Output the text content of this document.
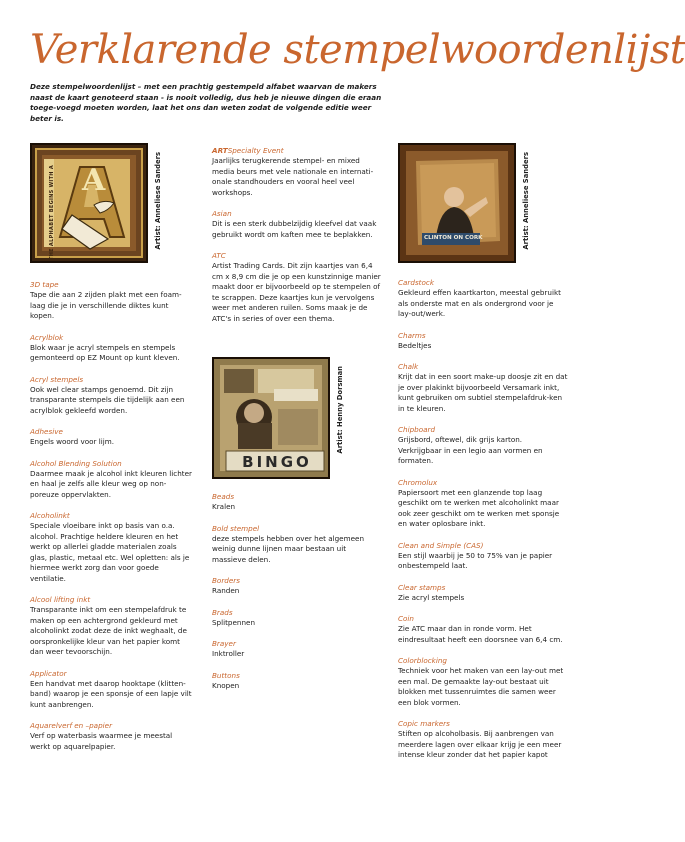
Verklarende stempelwoordenlijst
Deze stempelwoordenlijst – met een prachtig gestempeld alfabet waarvan de makers naast de kaart genoteerd staan - is nooit volledig, dus heb je nieuwe dingen die eraan toege-voegd moeten worden, laat het ons dan weten zodat de volgende editie weer beter is.
THE ALPHABET BEGINS WITH A A	Artist: Anneliese Sanders
BINGO
Artist: Henny Dorsman
CLINTON ON CORK	Artist: Anneliese Sanders
3D tape
Tape die aan 2 zijden plakt met een foam-laag die je in verschillende diktes kunt kopen.
Acrylblok
Blok waar je acryl stempels en stempels gemonteerd op EZ Mount op kunt kleven.
Acryl stempels
Ook wel clear stamps genoemd. Dit zijn transparante stempels die tijdelijk aan een acrylblok gekleefd worden.
Adhesive
Engels woord voor lijm.
Alcohol Blending Solution
Daarmee maak je alcohol inkt kleuren lichter en haal je zelfs alle kleur weg op non-poreuze oppervlakten.
Alcoholinkt
Speciale vloeibare inkt op basis van o.a. alcohol. Prachtige heldere kleuren en het werkt op allerlei gladde materialen zoals glas, plastic, metaal etc. Wel opletten: als je hiermee werkt zorg dan voor goede ventilatie.
Alcool lifting inkt
Transparante inkt om een stempelafdruk te maken op een achtergrond gekleurd met alcoholinkt zodat deze de inkt weghaalt, de oorspronkelijke kleur van het papier komt dan weer tevoorschijn.
Applicator
Een handvat met daarop hooktape (klitten-band) waarop je een sponsje of een lapje vilt kunt aanbrengen.
Aquarelverf en –papier
Verf op waterbasis waarmee je meestal werkt op aquarelpapier.
ARTSpecialty Event
Jaarlijks terugkerende stempel- en mixed media beurs met vele nationale en internati-onale standhouders en vooral heel veel workshops.
Asian
Dit is een sterk dubbelzijdig kleefvel dat vaak gebruikt wordt om kaften mee te beplakken.
ATC
Artist Trading Cards. Dit zijn kaartjes van 6,4 cm x 8,9 cm die je op een kunstzinnige manier maakt door er bijvoorbeeld op te stempelen of te scrappen. Deze kaartjes kun je vervolgens weer met anderen ruilen. Soms maak je de ATC's in series of over een thema.
Beads
Kralen
Bold stempel
deze stempels hebben over het algemeen weinig dunne lijnen maar bestaan uit massieve delen.
Borders
Randen
Brads
Splitpennen
Brayer
Inktroller
Buttons
Knopen
Cardstock
Gekleurd effen kaartkarton, meestal gebruikt als onderste mat en als ondergrond voor je lay-out/werk.
Charms
Bedeltjes
Chalk
Krijt dat in een soort make-up doosje zit en dat je over plakinkt bijvoorbeeld Versamark inkt, kunt gebruiken om subtiel stempelafdruk-ken in te kleuren.
Chipboard
Grijsbord, oftewel, dik grijs karton. Verkrijgbaar in een legio aan vormen en formaten.
Chromolux
Papiersoort met een glanzende top laag geschikt om te werken met alcoholinkt maar ook zeer geschikt om te werken met sponsje en water oplosbare inkt.
Clean and Simple (CAS)
Een stijl waarbij je 50 to 75% van je papier onbestempeld laat.
Clear stamps
Zie acryl stempels
Coin
Zie ATC maar dan in ronde vorm. Het eindresultaat heeft een doorsnee van 6,4 cm.
Colorblocking
Techniek voor het maken van een lay-out met een mal. De gemaakte lay-out bestaat uit blokken met tussenruimtes die samen weer een blok vormen.
Copic markers
Stiften op alcoholbasis. Bij aanbrengen van meerdere lagen over elkaar krijg je een meer intense kleur zonder dat het papier kapot
